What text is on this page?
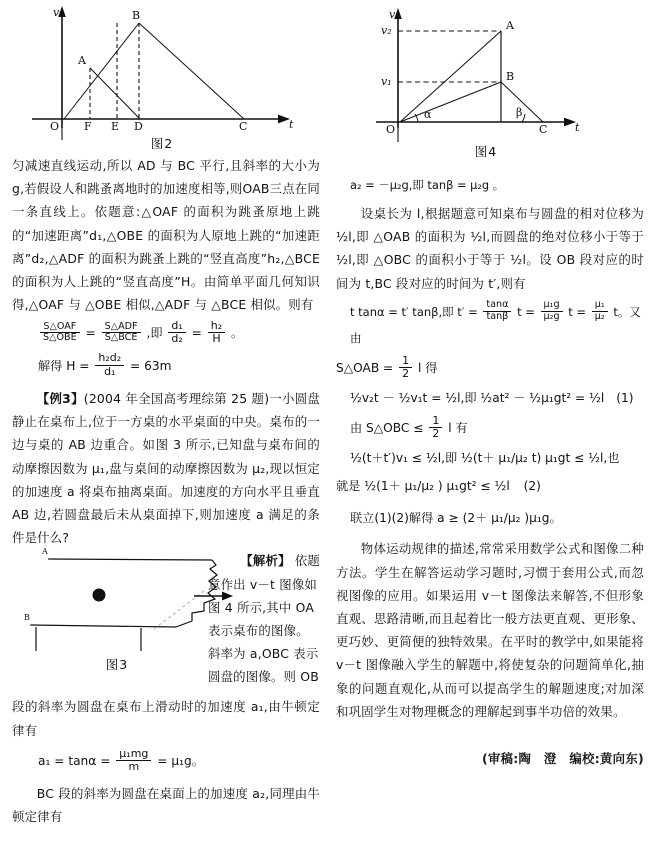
v
t
A
B
O F E D	C
图2
匀减速直线运动,所以 AD 与 BC 平行,且斜率的大小为g,若假设人和跳蚤离地时的加速度相等,则OAB三点在同一条直线上。依题意:△OAF 的面积为跳蚤原地上跳的“加速距离”d₁,△OBE 的面积为人原地上跳的“加速距离”d₂,△ADF 的面积为跳蚤上跳的“竖直高度”h₂,△BCE 的面积为人上跳的“竖直高度”H。由简单平面几何知识得,△OAF 与 △OBE 相似,△ADF 与 △BCE 相似。则有
$\frac{\text{S△OAF}}{\text{S△OBE}} = \frac{\text{S△ADF}}{\text{S△BCE}}$ ,即 $\frac{\text{d₁}}{\text{d₂}} = \frac{\text{h₂}}{H}$ 。
解得 $H = \frac{\text{h₂d₂}}{\text{d₁}} = 63m$
【例3】(2004 年全国高考理综第 25 题)一小圆盘静止在桌布上,位于一方桌的水平桌面的中央。桌布的一边与桌的 AB 边重合。如图 3 所示,已知盘与桌布间的动摩擦因数为 μ₁,盘与桌间的动摩擦因数为 μ₂,现以恒定的加速度 a 将桌布抽离桌面。加速度的方向水平且垂直 AB 边,若圆盘最后未从桌面掉下,则加速度 a 满足的条件是什么?
A
B
图3
【解析】 依题
意作出 v－t 图像如
图 4 所示,其中 OA
表示桌布的图像。
斜率为 a,OBC 表示
圆盘的图像。则 OB
段的斜率为圆盘在桌布上滑动时的加速度 a₁,由牛顿定律有
$a_1 = \tan\alpha = \frac{\text{μ₁mg}}{m} = \mu_1g$。
BC 段的斜率为圆盘在桌面上的加速度 a₂,同理由牛顿定律有
v
t
A
B
C
v₂
v₁
O
α	β
图4
a₂ = －μ₂g,即 tanβ = μ₂g 。
设桌长为 l,根据题意可知桌布与圆盘的相对位移为 ½l,即 △OAB 的面积为 ½l,而圆盘的绝对位移小于等于 ½l,即 △OBC 的面积小于等于 ½l。设 OB 段对应的时间为 t,BC 段对应的时间为 t′,则有
t tanα = t′ tanβ,即 $t' = \frac{\tan\alpha}{\tan\beta}$ $t = \frac{\text{μ₁g}}{\text{μ₂g}}$ $t = \frac{\text{μ₁}}{\text{μ₂}}$ t。又由
S△OAB = $\frac{1}{2}$ l 得
½v₂t － ½v₁t = ½l,即 ½at² － ½μ₁gt² = ½l (1)
由 S△OBC ≤ $\frac{1}{2}$ l 有
½(t＋t′)v₁ ≤ ½l,即 ½(t＋ μ₁/μ₂ t) μ₁gt ≤ ½l,也
就是 ½(1＋ μ₁/μ₂ ) μ₁gt² ≤ ½l (2)
联立(1)(2)解得 a ≥ (2＋ μ₁/μ₂ )μ₁g。
物体运动规律的描述,常常采用数学公式和图像二种方法。学生在解答运动学习题时,习惯于套用公式,而忽视图像的应用。如果运用 v－t 图像法来解答,不但形象直观、思路清晰,而且起着比一般方法更直观、更形象、更巧妙、更简便的独特效果。在平时的教学中,如果能将 v－t 图像融入学生的解题中,将使复杂的问题简单化,抽象的问题直观化,从而可以提高学生的解题速度;对加深和巩固学生对物理概念的理解起到事半功倍的效果。
(审稿:陶　澄　编校:黄向东)
